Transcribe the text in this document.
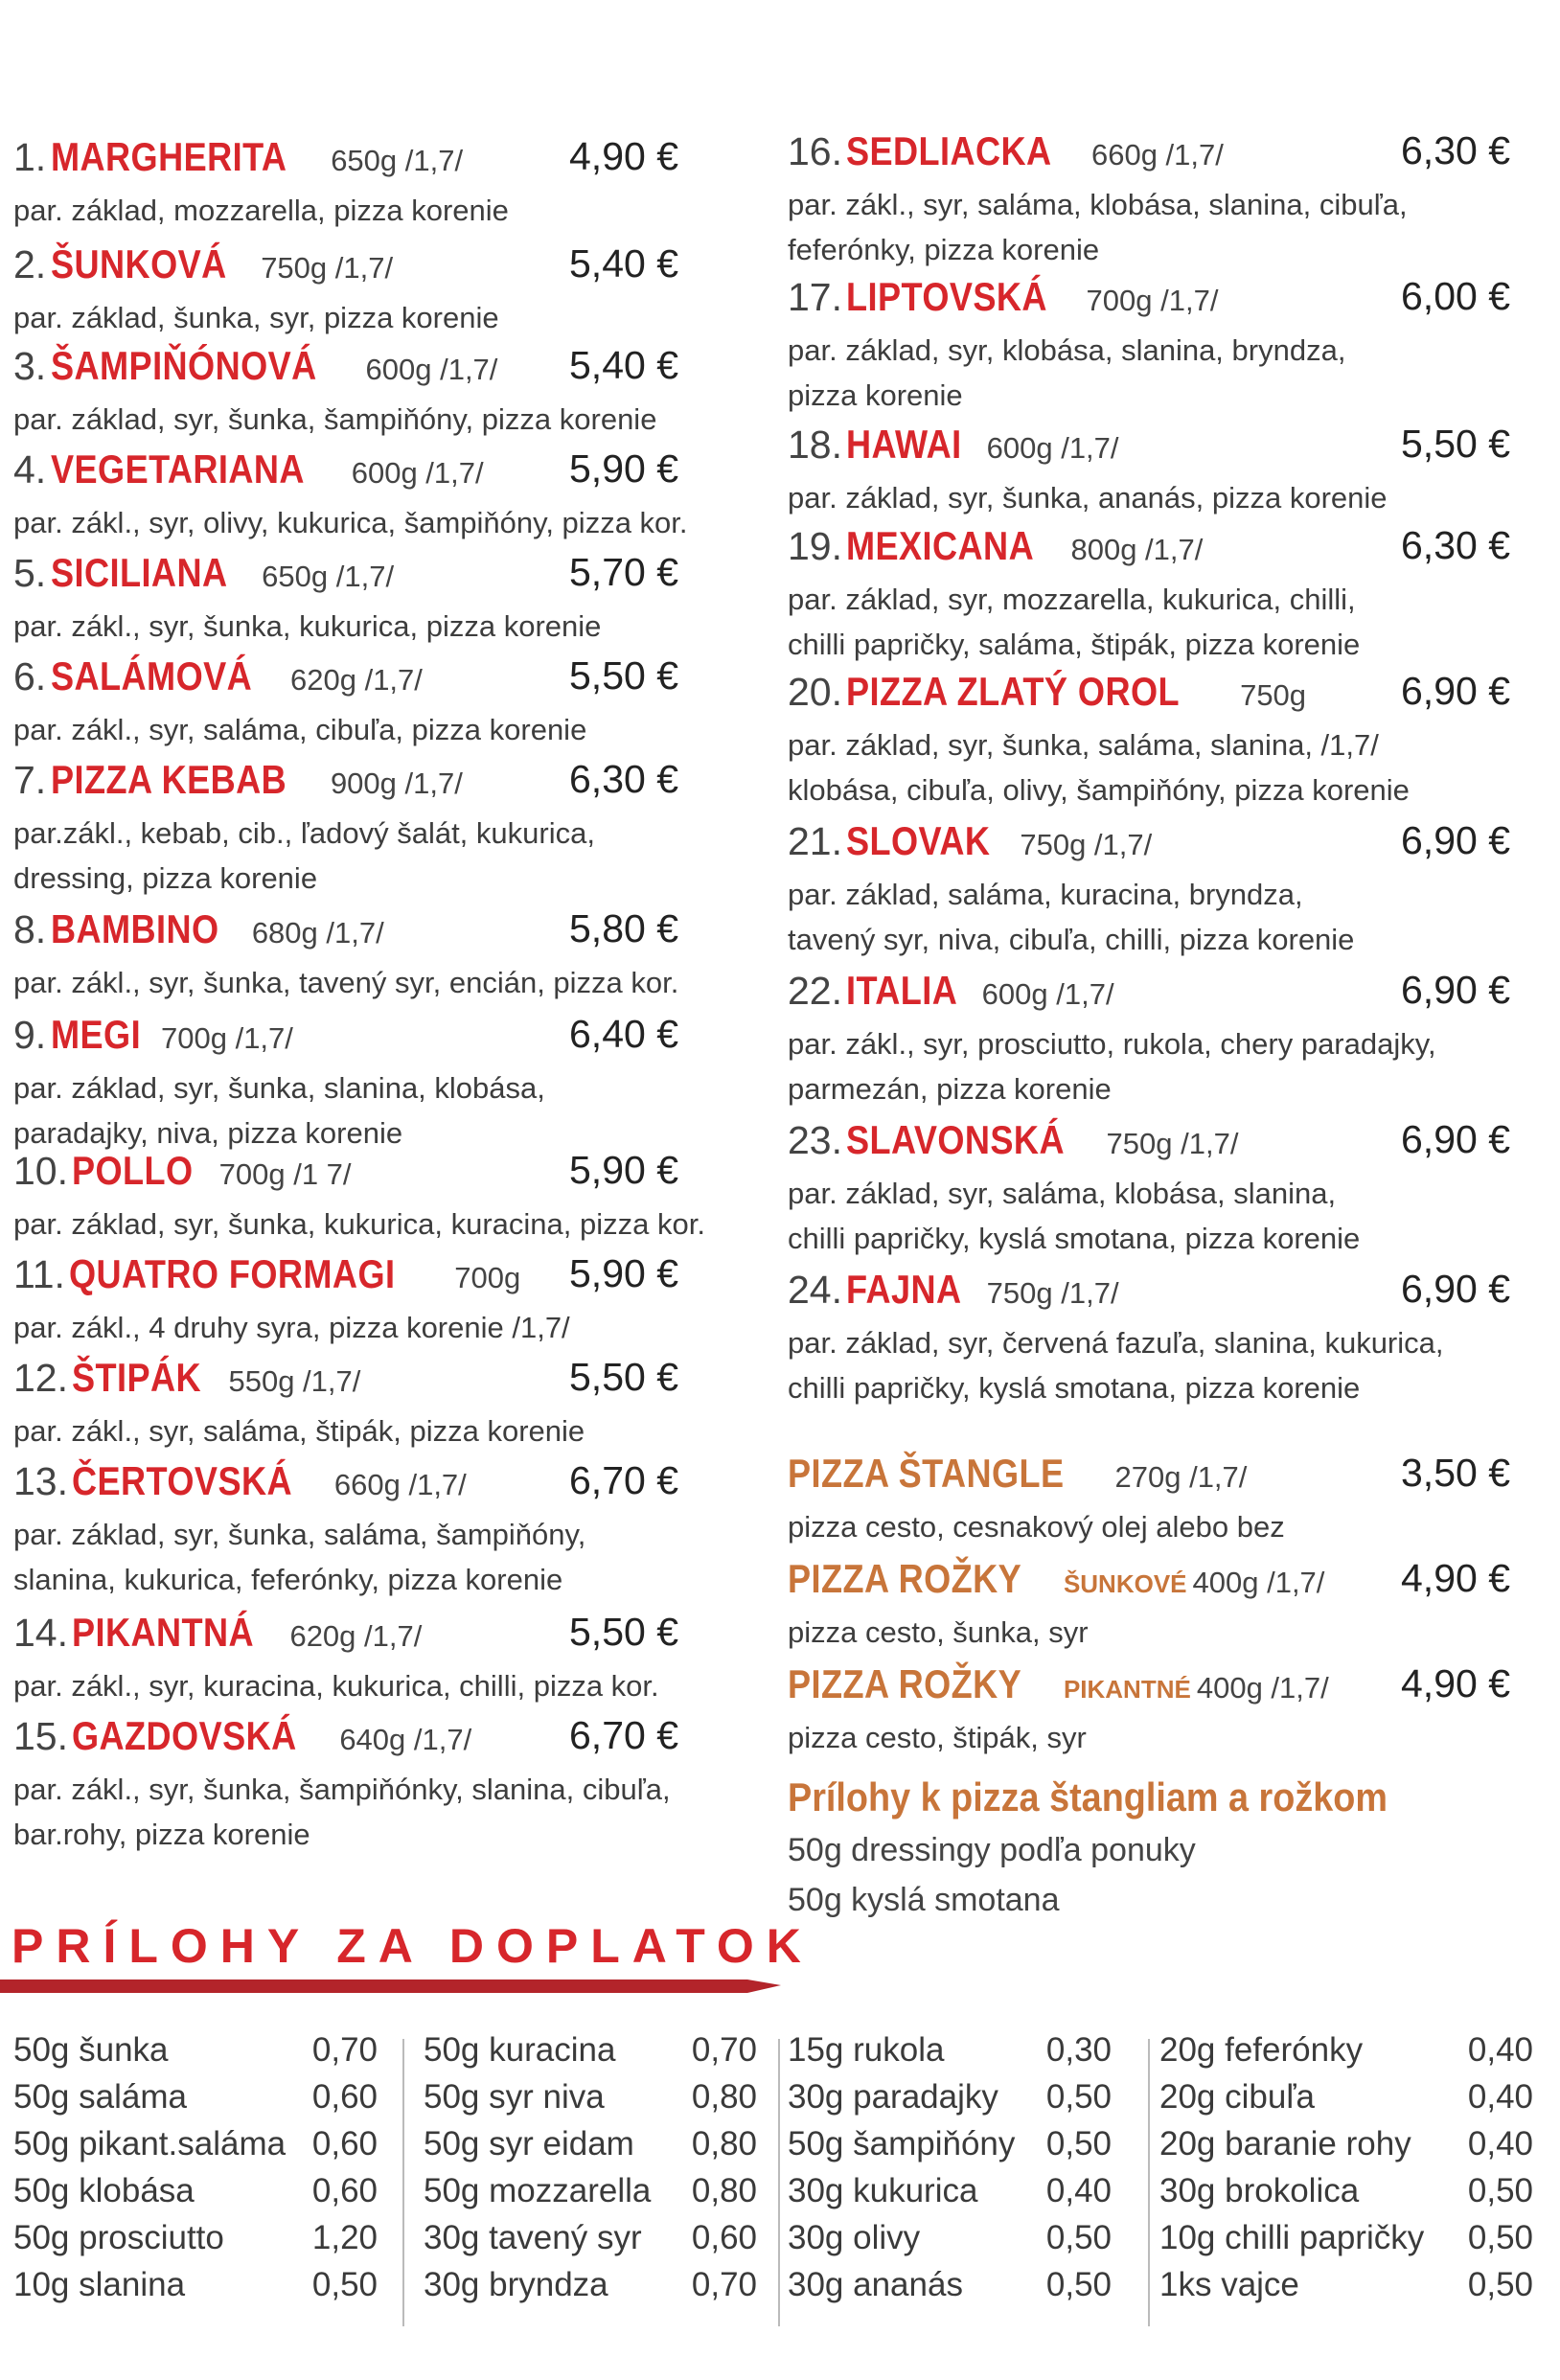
1. MARGHERITA 650g /1,7/	4,90 €
par. základ, mozzarella, pizza korenie
2. ŠUNKOVÁ 750g /1,7/	5,40 €
par. základ, šunka, syr, pizza korenie
3. ŠAMPIŇÓNOVÁ 600g /1,7/ 5,40 €
par. základ, syr, šunka, šampiňóny, pizza korenie
4. VEGETARIANA 600g /1,7/ 5,90 €
par. zákl., syr, olivy, kukurica, šampiňóny, pizza kor.
5. SICILIANA 650g /1,7/	5,70 €
par. zákl., syr, šunka, kukurica, pizza korenie
6. SALÁMOVÁ 620g /1,7/	5,50 €
par. zákl., syr, saláma, cibuľa, pizza korenie
7. PIZZA KEBAB 900g /1,7/	6,30 €
par.zákl., kebab, cib., ľadový šalát, kukurica,
dressing, pizza korenie
8. BAMBINO 680g /1,7/	5,80 €
par. zákl., syr, šunka, tavený syr, encián, pizza kor.
9. MEGI 700g /1,7/	6,40 €
par. základ, syr, šunka, slanina, klobása,
paradajky, niva, pizza korenie
10. POLLO 700g /1 7/	5,90 €
par. základ, syr, šunka, kukurica, kuracina, pizza kor.
11. QUATRO FORMAGI 700g 5,90 €
par. zákl., 4 druhy syra, pizza korenie /1,7/
12. ŠTIPÁK 550g /1,7/	5,50 €
par. zákl., syr, saláma, štipák, pizza korenie
13. ČERTOVSKÁ 660g /1,7/	6,70 €
par. základ, syr, šunka, saláma, šampiňóny,
slanina, kukurica, feferónky, pizza korenie
14. PIKANTNÁ 620g /1,7/	5,50 €
par. zákl., syr, kuracina, kukurica, chilli, pizza kor.
15. GAZDOVSKÁ 640g /1,7/ 6,70 €
par. zákl., syr, šunka, šampiňónky, slanina, cibuľa,
bar.rohy, pizza korenie
16. SEDLIACKA 660g /1,7/	6,30 €
par. zákl., syr, saláma, klobása, slanina, cibuľa,
feferónky, pizza korenie
17. LIPTOVSKÁ 700g /1,7/	6,00 €
par. základ, syr, klobása, slanina, bryndza,
pizza korenie
18. HAWAI 600g /1,7/	5,50 €
par. základ, syr, šunka, ananás, pizza korenie
19. MEXICANA 800g /1,7/	6,30 €
par. základ, syr, mozzarella, kukurica, chilli,
chilli papričky, saláma, štipák, pizza korenie
20. PIZZA ZLATÝ OROL 750g 6,90 €
par. základ, syr, šunka, saláma, slanina, /1,7/
klobása, cibuľa, olivy, šampiňóny, pizza korenie
21. SLOVAK 750g /1,7/	6,90 €
par. základ, saláma, kuracina, bryndza,
tavený syr, niva, cibuľa, chilli, pizza korenie
22. ITALIA 600g /1,7/	6,90 €
par. zákl., syr, prosciutto, rukola, chery paradajky,
parmezán, pizza korenie
23. SLAVONSKÁ 750g /1,7/	6,90 €
par. základ, syr, saláma, klobása, slanina,
chilli papričky, kyslá smotana, pizza korenie
24. FAJNA 750g /1,7/	6,90 €
par. základ, syr, červená fazuľa, slanina, kukurica,
chilli papričky, kyslá smotana, pizza korenie
PIZZA ŠTANGLE 270g /1,7/	3,50 €
pizza cesto, cesnakový olej alebo bez
PIZZA ROŽKY ŠUNKOVÉ 400g /1,7/ 4,90 €
pizza cesto, šunka, syr
PIZZA ROŽKY PIKANTNÉ 400g /1,7/ 4,90 €
pizza cesto, štipák, syr
Prílohy k pizza štangliam a rožkom
50g dressingy podľa ponuky
50g kyslá smotana
PRÍLOHY ZA DOPLATOK
50g šunka	0,70
50g saláma	0,60
50g pikant.saláma 0,60
50g klobása	0,60
50g prosciutto	1,20
10g slanina	0,50
50g kuracina 0,70
50g syr niva	0,80
50g syr eidam 0,80
50g mozzarella 0,80
30g tavený syr 0,60
30g bryndza 0,70
15g rukola	0,30
30g paradajky 0,50
50g šampiňóny 0,50
30g kukurica 0,40
30g olivy	0,50
30g ananás 0,50
20g feferónky	0,40
20g cibuľa	0,40
20g baranie rohy 0,40
30g brokolica	0,50
10g chilli papričky 0,50
1ks vajce	0,50
